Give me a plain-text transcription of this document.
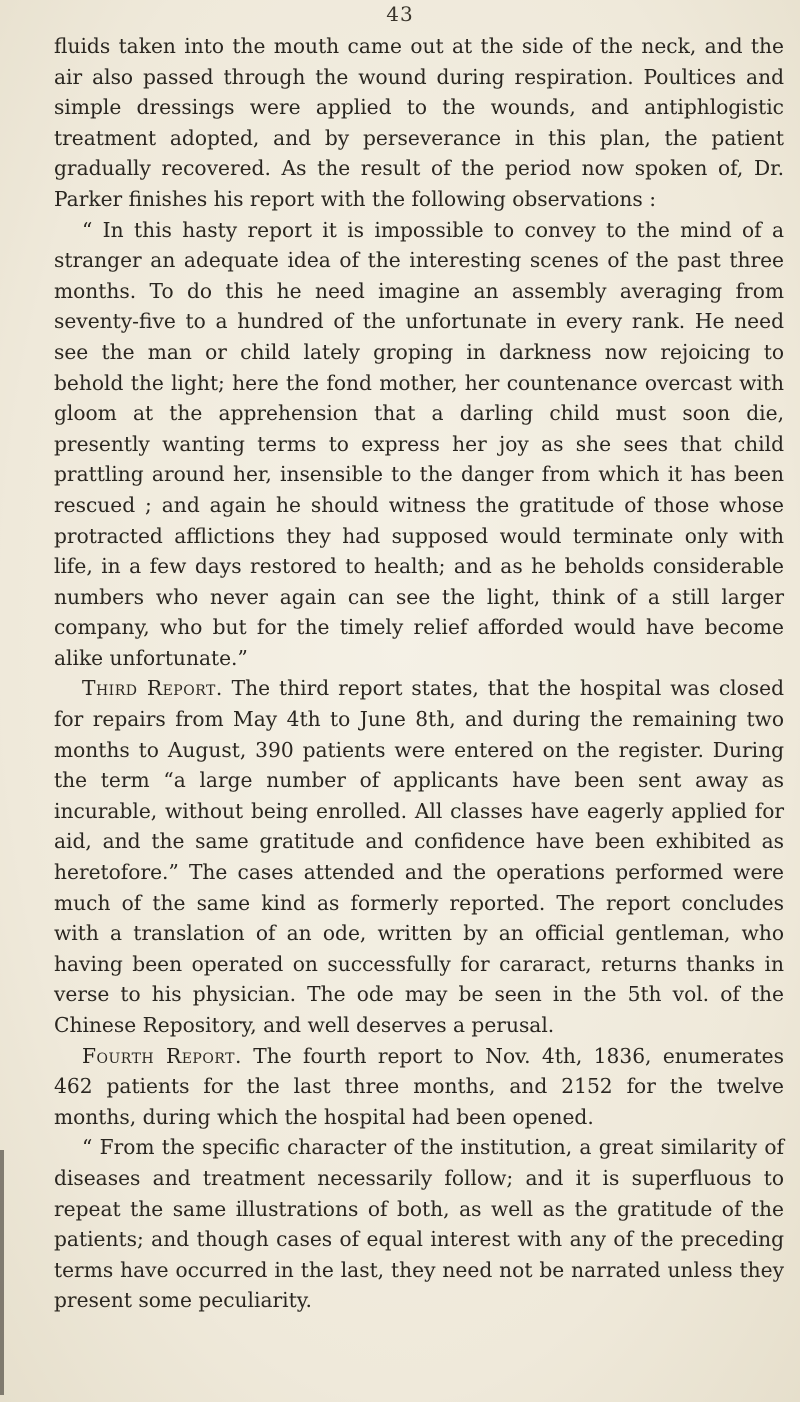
43

fluids taken into the mouth came out at the side of the neck, and the air also passed through the wound during respiration. Poultices and simple dressings were applied to the wounds, and antiphlogistic treatment adopted, and by perseverance in this plan, the patient gradually recovered. As the result of the period now spoken of, Dr. Parker finishes his report with the following observations :

“ In this hasty report it is impossible to convey to the mind of a stranger an adequate idea of the interesting scenes of the past three months. To do this he need imagine an assembly averaging from seventy-five to a hundred of the unfortunate in every rank. He need see the man or child lately groping in darkness now rejoicing to behold the light; here the fond mother, her countenance overcast with gloom at the apprehension that a darling child must soon die, presently wanting terms to express her joy as she sees that child prattling around her, insensible to the danger from which it has been rescued ; and again he should witness the gratitude of those whose protracted afflictions they had supposed would terminate only with life, in a few days restored to health; and as he beholds considerable numbers who never again can see the light, think of a still larger company, who but for the timely relief afforded would have become alike unfortunate.”

Third Report. The third report states, that the hospital was closed for repairs from May 4th to June 8th, and during the remaining two months to August, 390 patients were entered on the register. During the term “a large number of applicants have been sent away as incurable, without being enrolled. All classes have eagerly applied for aid, and the same gratitude and confidence have been exhibited as heretofore.” The cases attended and the operations performed were much of the same kind as formerly reported. The report concludes with a translation of an ode, written by an official gentleman, who having been operated on successfully for cararact, returns thanks in verse to his physician. The ode may be seen in the 5th vol. of the Chinese Repository, and well deserves a perusal.

Fourth Report. The fourth report to Nov. 4th, 1836, enumerates 462 patients for the last three months, and 2152 for the twelve months, during which the hospital had been opened.

“ From the specific character of the institution, a great similarity of diseases and treatment necessarily follow; and it is superfluous to repeat the same illustrations of both, as well as the gratitude of the patients; and though cases of equal interest with any of the preceding terms have occurred in the last, they need not be narrated unless they present some peculiarity.
